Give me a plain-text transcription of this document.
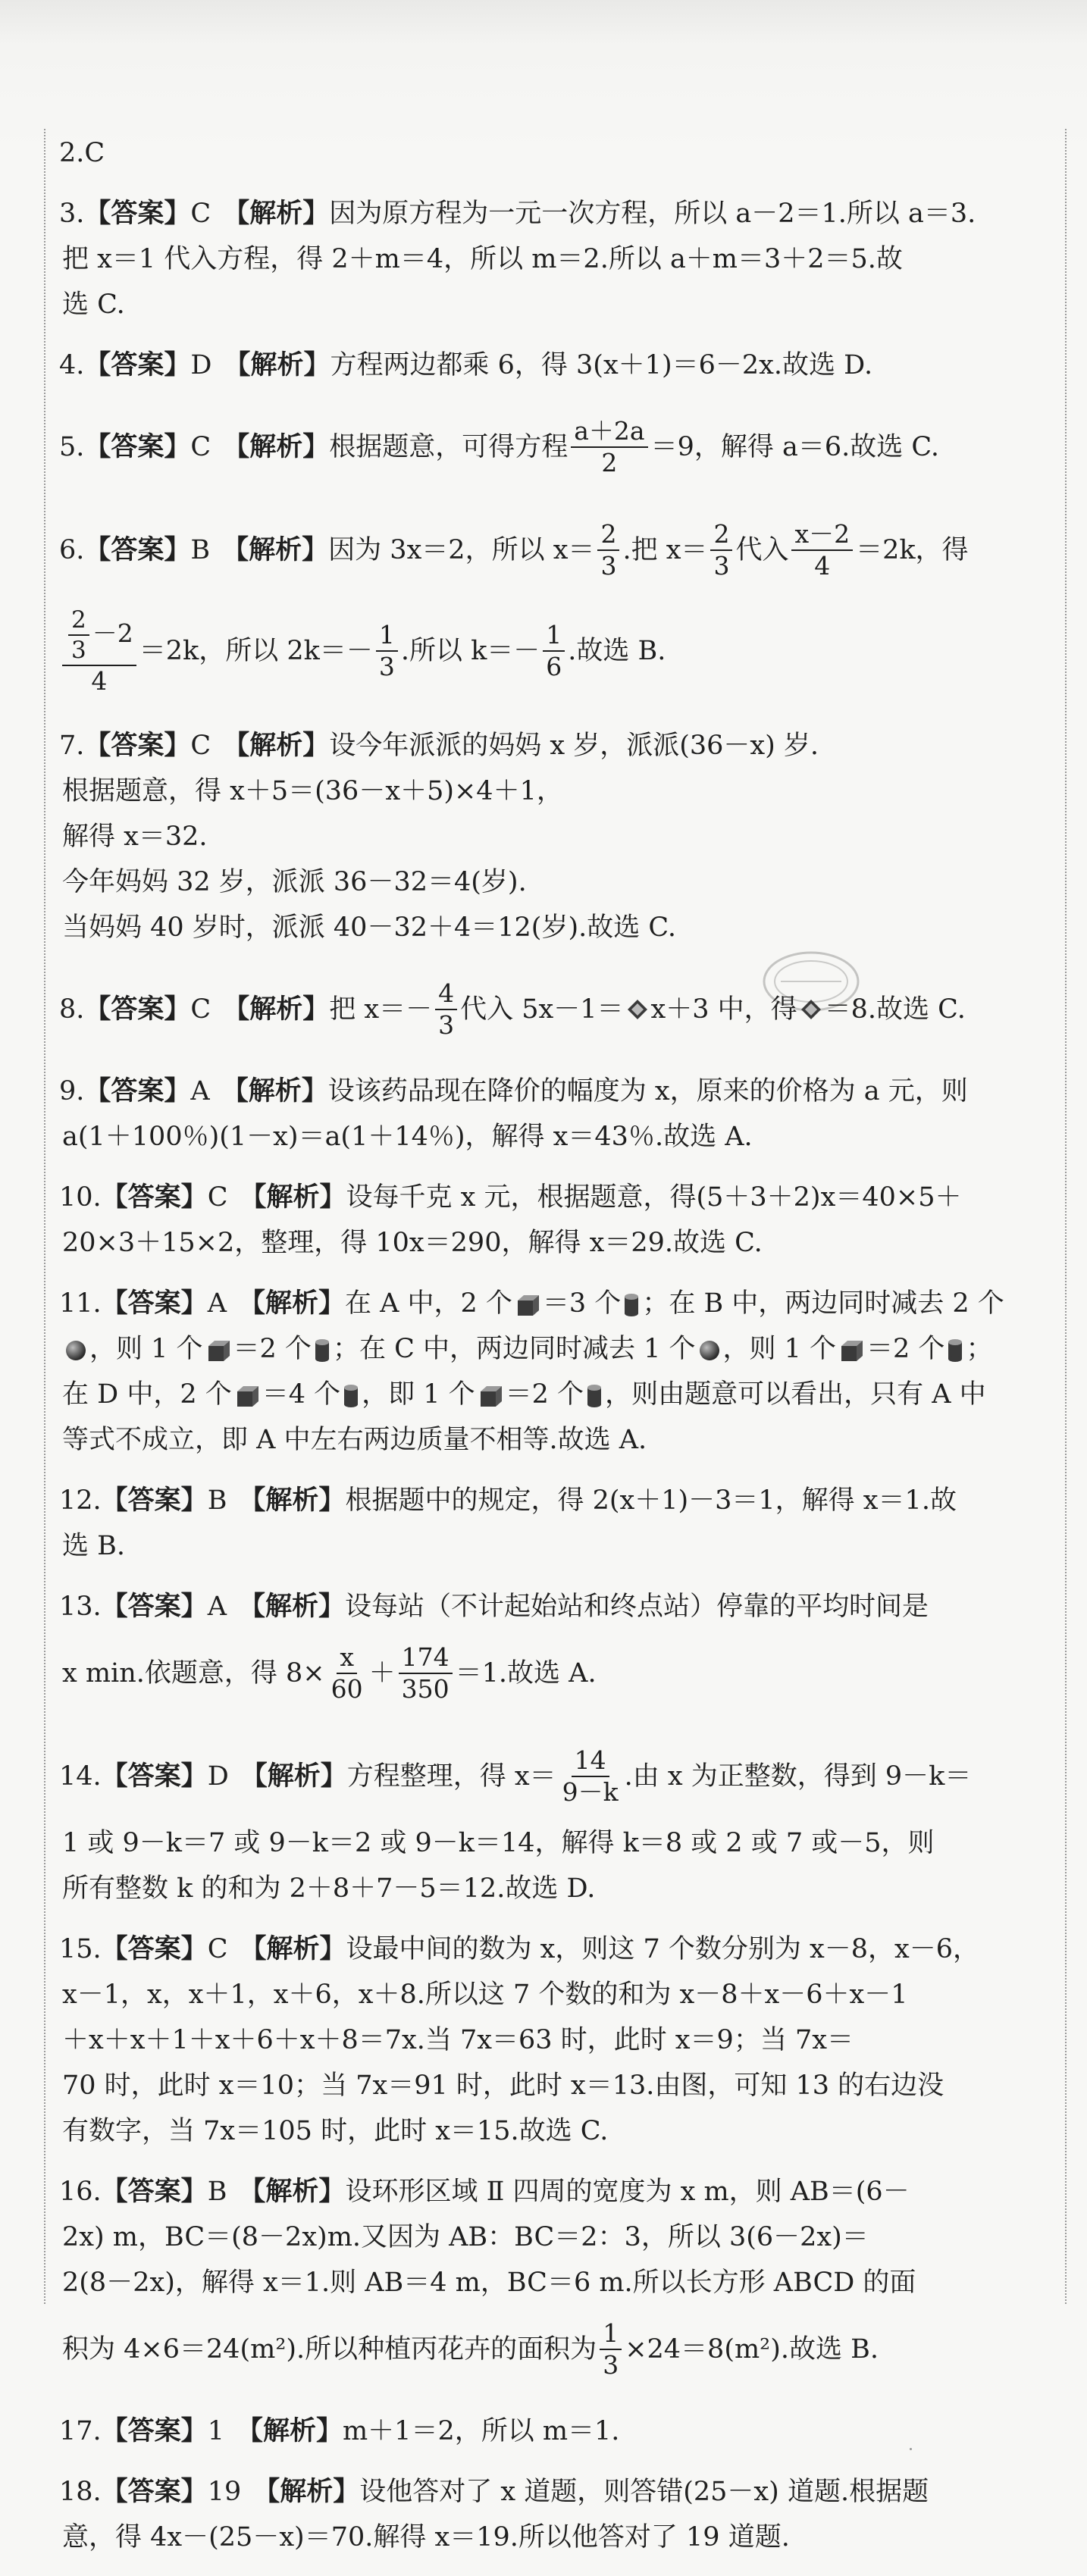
2.C
3.【答案】C 【解析】因为原方程为一元一次方程，所以 a－2＝1.所以 a＝3.
把 x＝1 代入方程，得 2＋m＝4，所以 m＝2.所以 a＋m＝3＋2＝5.故
选 C.
4.【答案】D 【解析】方程两边都乘 6，得 3(x＋1)＝6－2x.故选 D.
5. 【答案】 C 【解析】 根据题意，可得方程 $\frac{a+2a}{2} =9$，解得 a＝6.故选 C.
6. 【答案】 B 【解析】 因为 3x＝2，所以 $x= \frac{2}{3}$ .把 $x= \frac{2}{3}$ 代入 $\frac{x-2}{4} =2k$，得
$\frac{\frac{2}{3} -2}{4} =2k$，所以 $2k=- \frac{1}{3}$ .所以 $k=- \frac{1}{6}$ .故选 B.
7.【答案】C 【解析】设今年派派的妈妈 x 岁，派派(36－x) 岁.
根据题意，得 x＋5＝(36－x＋5)×4＋1，
解得 x＝32.
今年妈妈 32 岁，派派 36－32＝4(岁).
当妈妈 40 岁时，派派 40－32＋4＝12(岁).故选 C.
8. 【答案】 C 【解析】 把 $x=- \frac{4}{3}$ 代入 5x－1＝ x＋3 中，得 ＝8.故选 C.
9.【答案】A 【解析】设该药品现在降价的幅度为 x，原来的价格为 a 元，则
a(1＋100％)(1－x)＝a(1＋14％)，解得 x＝43％.故选 A.
10.【答案】C 【解析】设每千克 x 元，根据题意，得(5＋3＋2)x＝40×5＋
20×3＋15×2，整理，得 10x＝290，解得 x＝29.故选 C.
11.【答案】A 【解析】在 A 中，2 个 ＝3 个 ；在 B 中，两边同时减去 2 个
，则 1 个 ＝2 个 ；在 C 中，两边同时减去 1 个 ，则 1 个 ＝2 个 ；
在 D 中，2 个 ＝4 个 ，即 1 个 ＝2 个 ，则由题意可以看出，只有 A 中
等式不成立，即 A 中左右两边质量不相等.故选 A.
12.【答案】B 【解析】根据题中的规定，得 2(x＋1)－3＝1，解得 x＝1.故
选 B.
13.【答案】A 【解析】设每站（不计起始站和终点站）停靠的平均时间是
x min.依题意，得 $8\times \frac{x}{60} + \frac{174}{350} =1$.故选 A.
14. 【答案】 D 【解析】 方程整理，得 $x= \frac{14}{9-k}$ .由 x 为正整数，得到 9－k＝
1 或 9－k＝7 或 9－k＝2 或 9－k＝14，解得 k＝8 或 2 或 7 或－5，则
所有整数 k 的和为 2＋8＋7－5＝12.故选 D.
15.【答案】C 【解析】设最中间的数为 x，则这 7 个数分别为 x－8，x－6，
x－1，x，x＋1，x＋6，x＋8.所以这 7 个数的和为 x－8＋x－6＋x－1
＋x＋x＋1＋x＋6＋x＋8＝7x.当 7x＝63 时，此时 x＝9；当 7x＝
70 时，此时 x＝10；当 7x＝91 时，此时 x＝13.由图，可知 13 的右边没
有数字，当 7x＝105 时，此时 x＝15.故选 C.
16.【答案】B 【解析】设环形区域 Ⅱ 四周的宽度为 x m，则 AB＝(6－
2x) m，BC＝(8－2x)m.又因为 AB：BC＝2：3，所以 3(6－2x)＝
2(8－2x)，解得 x＝1.则 AB＝4 m，BC＝6 m.所以长方形 ABCD 的面
积为 4×6＝24(m²).所以种植丙花卉的面积为 $\frac{1}{3} \times 24=8(m^2)$.故选 B.
17.【答案】1 【解析】m＋1＝2，所以 m＝1.
18.【答案】19 【解析】设他答对了 x 道题，则答错(25－x) 道题.根据题
意，得 4x－(25－x)＝70.解得 x＝19.所以他答对了 19 道题.
